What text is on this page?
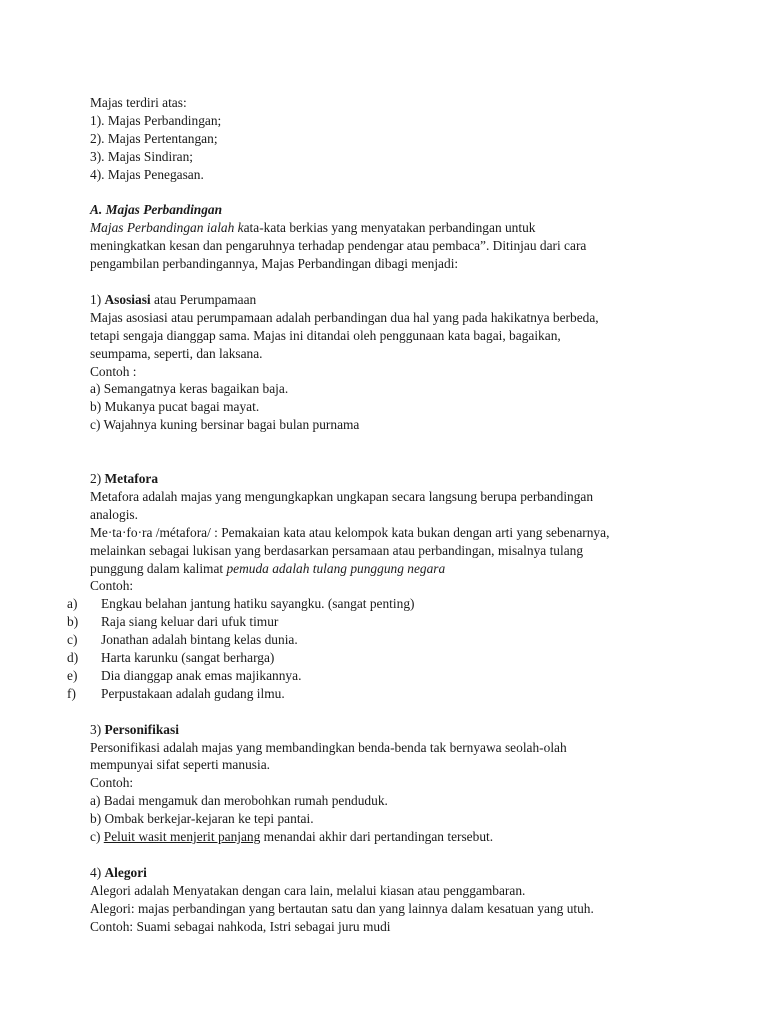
Majas terdiri atas:
1). Majas Perbandingan;
2). Majas Pertentangan;
3). Majas Sindiran;
4). Majas Penegasan.
A. Majas Perbandingan
Majas Perbandingan ialah kata-kata berkias yang menyatakan perbandingan untuk
meningkatkan kesan dan pengaruhnya terhadap pendengar atau pembaca”. Ditinjau dari cara
pengambilan perbandingannya, Majas Perbandingan dibagi menjadi:
1) Asosiasi atau Perumpamaan
Majas asosiasi atau perumpamaan adalah perbandingan dua hal yang pada hakikatnya berbeda,
tetapi sengaja dianggap sama. Majas ini ditandai oleh penggunaan kata bagai, bagaikan,
seumpama, seperti, dan laksana.
Contoh :
a) Semangatnya keras bagaikan baja.
b) Mukanya pucat bagai mayat.
c) Wajahnya kuning bersinar bagai bulan purnama
2) Metafora
Metafora adalah majas yang mengungkapkan ungkapan secara langsung berupa perbandingan
analogis.
Me·ta·fo·ra /métafora/ : Pemakaian kata atau kelompok kata bukan dengan arti yang sebenarnya,
melainkan sebagai lukisan yang berdasarkan persamaan atau perbandingan, misalnya tulang
punggung dalam kalimat pemuda adalah tulang punggung negara
Contoh:
a) Engkau belahan jantung hatiku sayangku. (sangat penting)
b) Raja siang keluar dari ufuk timur
c) Jonathan adalah bintang kelas dunia.
d) Harta karunku (sangat berharga)
e) Dia dianggap anak emas majikannya.
f) Perpustakaan adalah gudang ilmu.
3) Personifikasi
Personifikasi adalah majas yang membandingkan benda-benda tak bernyawa seolah-olah
mempunyai sifat seperti manusia.
Contoh:
a) Badai mengamuk dan merobohkan rumah penduduk.
b) Ombak berkejar-kejaran ke tepi pantai.
c) Peluit wasit menjerit panjang menandai akhir dari pertandingan tersebut.
4) Alegori
Alegori adalah Menyatakan dengan cara lain, melalui kiasan atau penggambaran.
Alegori: majas perbandingan yang bertautan satu dan yang lainnya dalam kesatuan yang utuh.
Contoh: Suami sebagai nahkoda, Istri sebagai juru mudi
